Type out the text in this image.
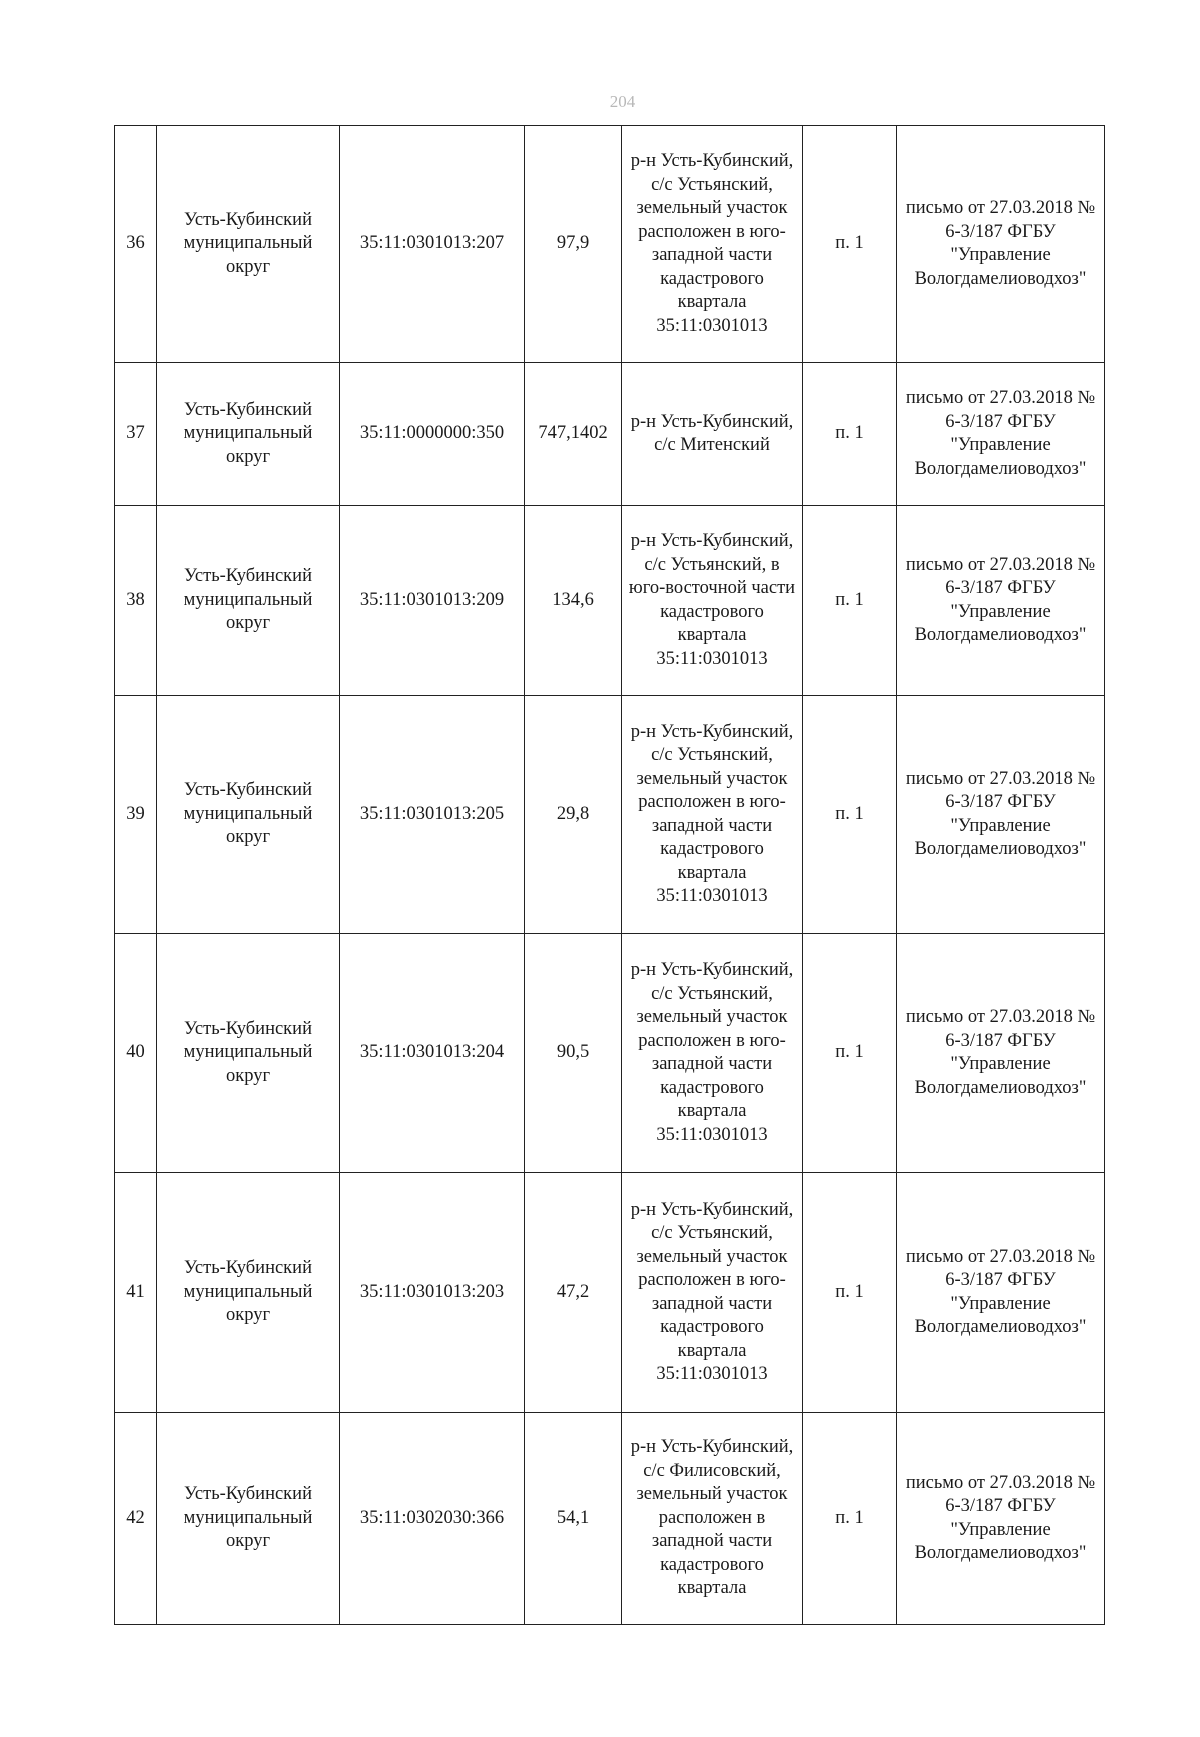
204
36	Усть-Кубинский муниципальный округ	35:11:0301013:207	97,9	р-н Усть-Кубинский, с/с Устьянский, земельный участок расположен в юго-западной части кадастрового квартала 35:11:0301013	п. 1	письмо от 27.03.2018 № 6-3/187 ФГБУ "Управление Вологдамелиоводхоз"
37	Усть-Кубинский муниципальный округ	35:11:0000000:350	747,1402	р-н Усть-Кубинский, с/с Митенский	п. 1	письмо от 27.03.2018 № 6-3/187 ФГБУ "Управление Вологдамелиоводхоз"
38	Усть-Кубинский муниципальный округ	35:11:0301013:209	134,6	р-н Усть-Кубинский, с/с Устьянский, в юго-восточной части кадастрового квартала 35:11:0301013	п. 1	письмо от 27.03.2018 № 6-3/187 ФГБУ "Управление Вологдамелиоводхоз"
39	Усть-Кубинский муниципальный округ	35:11:0301013:205	29,8	р-н Усть-Кубинский, с/с Устьянский, земельный участок расположен в юго-западной части кадастрового квартала 35:11:0301013	п. 1	письмо от 27.03.2018 № 6-3/187 ФГБУ "Управление Вологдамелиоводхоз"
40	Усть-Кубинский муниципальный округ	35:11:0301013:204	90,5	р-н Усть-Кубинский, с/с Устьянский, земельный участок расположен в юго-западной части кадастрового квартала 35:11:0301013	п. 1	письмо от 27.03.2018 № 6-3/187 ФГБУ "Управление Вологдамелиоводхоз"
41	Усть-Кубинский муниципальный округ	35:11:0301013:203	47,2	р-н Усть-Кубинский, с/с Устьянский, земельный участок расположен в юго-западной части кадастрового квартала 35:11:0301013	п. 1	письмо от 27.03.2018 № 6-3/187 ФГБУ "Управление Вологдамелиоводхоз"
42	Усть-Кубинский муниципальный округ	35:11:0302030:366	54,1	р-н Усть-Кубинский, с/с Филисовский, земельный участок расположен в западной части кадастрового квартала	п. 1	письмо от 27.03.2018 № 6-3/187 ФГБУ "Управление Вологдамелиоводхоз"
